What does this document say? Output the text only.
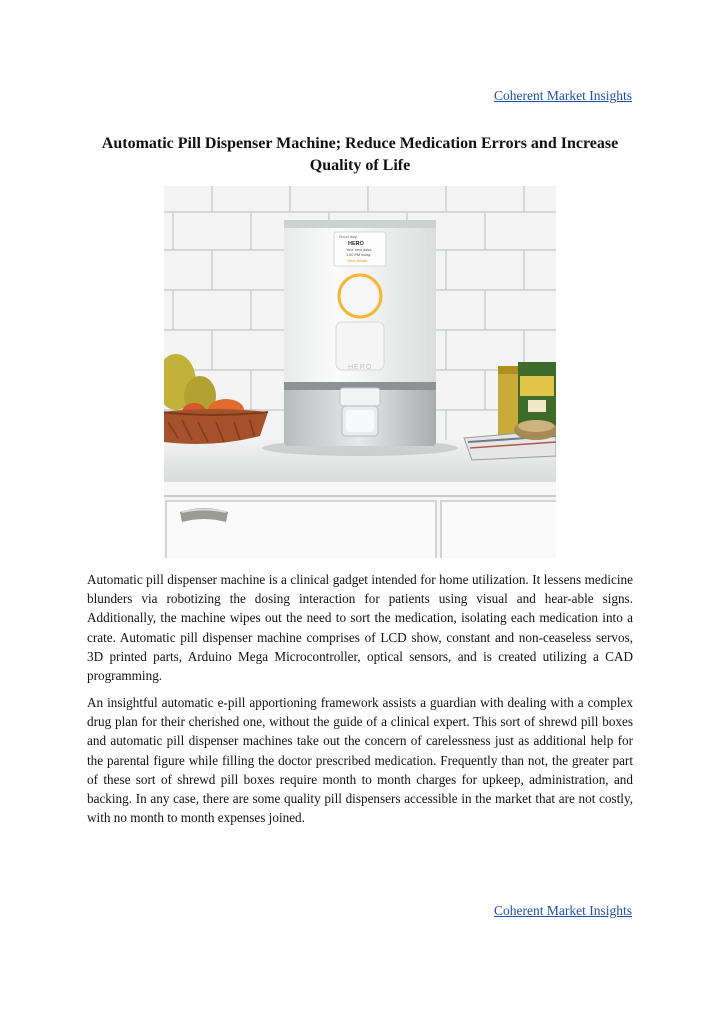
Coherent Market Insights
Automatic Pill Dispenser Machine; Reduce Medication Errors and Increase Quality of Life
Good day!
HERO
Your next dose:
1:00 PM today
View details
HERO

Automatic pill dispenser machine is a clinical gadget intended for home utilization. It lessens medicine blunders via robotizing the dosing interaction for patients using visual and hear-able signs. Additionally, the machine wipes out the need to sort the medication, isolating each medication into a crate. Automatic pill dispenser machine comprises of LCD show, constant and non-ceaseless servos, 3D printed parts, Arduino Mega Microcontroller, optical sensors, and is created utilizing a CAD programming.

An insightful automatic e-pill apportioning framework assists a guardian with dealing with a complex drug plan for their cherished one, without the guide of a clinical expert. This sort of shrewd pill boxes and automatic pill dispenser machines take out the concern of carelessness just as additional help for the parental figure while filling the doctor prescribed medication. Frequently than not, the greater part of these sort of shrewd pill boxes require month to month charges for upkeep, administration, and backing. In any case, there are some quality pill dispensers accessible in the market that are not costly, with no month to month expenses joined.

Coherent Market Insights
